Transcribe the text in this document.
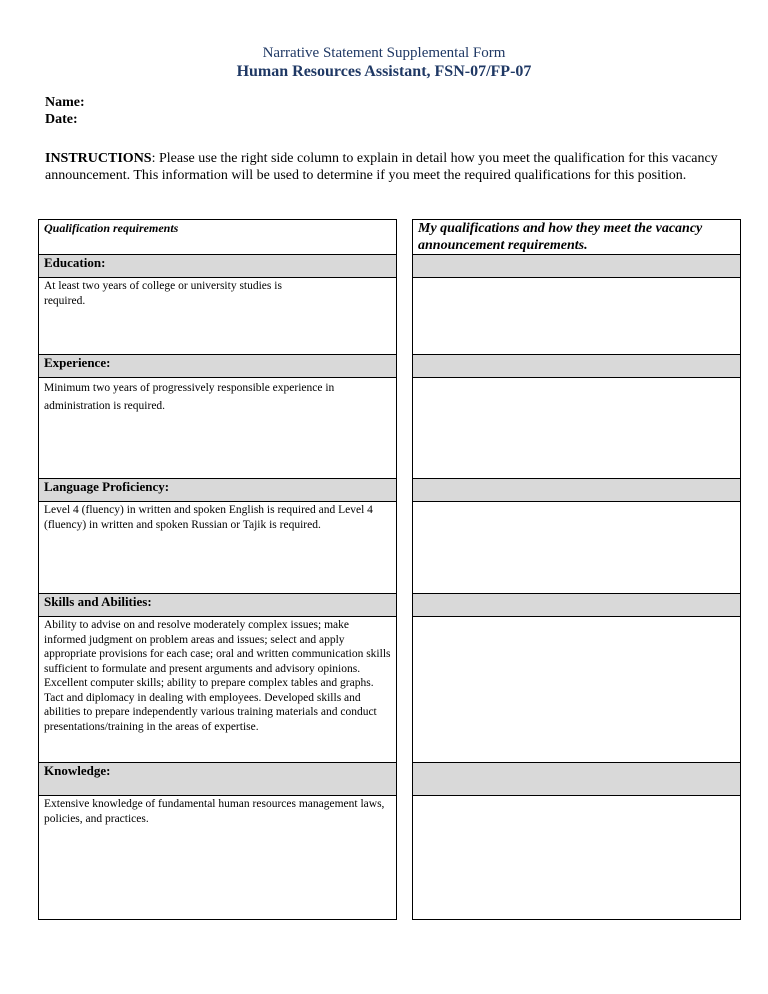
Narrative Statement Supplemental Form
Human Resources Assistant, FSN-07/FP-07
Name:
Date:
INSTRUCTIONS: Please use the right side column to explain in detail how you meet the qualification for this vacancy announcement. This information will be used to determine if you meet the required qualifications for this position.
Qualification requirements
Education:
At least two years of college or university studies is required.
Experience:
Minimum two years of progressively responsible experience in administration is required.
Language Proficiency:
Level 4 (fluency) in written and spoken English is required and Level 4 (fluency) in written and spoken Russian or Tajik is required.
Skills and Abilities:
Ability to advise on and resolve moderately complex issues; make informed judgment on problem areas and issues; select and apply appropriate provisions for each case; oral and written communication skills sufficient to formulate and present arguments and advisory opinions. Excellent computer skills; ability to prepare complex tables and graphs. Tact and diplomacy in dealing with employees. Developed skills and abilities to prepare independently various training materials and conduct presentations/training in the areas of expertise.
Knowledge:
Extensive knowledge of fundamental human resources management laws, policies, and practices.
My qualifications and how they meet the vacancy announcement requirements.
